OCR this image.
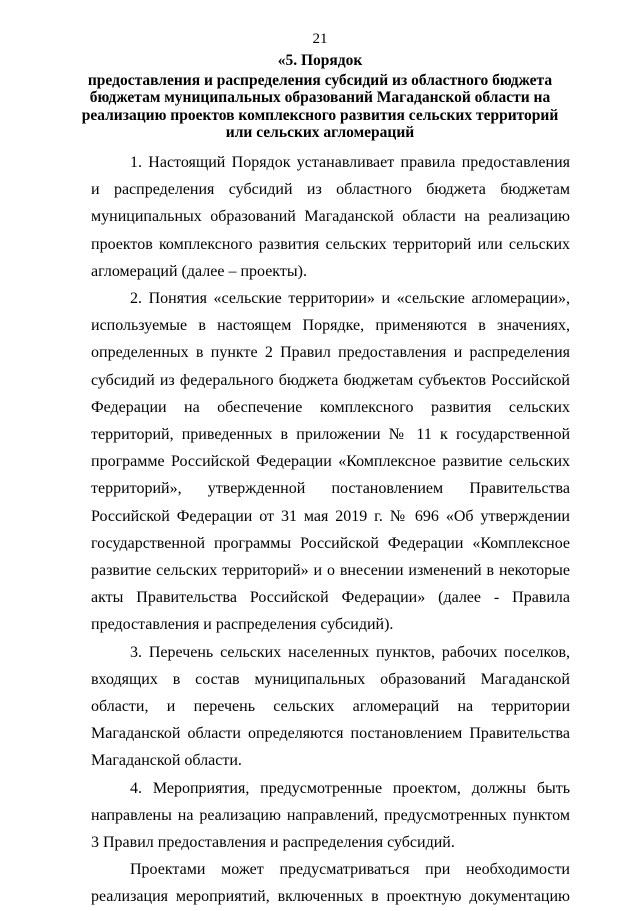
21
«5. Порядок
предоставления и распределения субсидий из областного бюджета
бюджетам муниципальных образований Магаданской области на
реализацию проектов комплексного развития сельских территорий
или сельских агломераций

1. Настоящий Порядок устанавливает правила предоставления и распределения субсидий из областного бюджета бюджетам муниципальных образований Магаданской области на реализацию проектов комплексного развития сельских территорий или сельских агломераций (далее – проекты).

2. Понятия «сельские территории» и «сельские агломерации», используемые в настоящем Порядке, применяются в значениях, определенных в пункте 2 Правил предоставления и распределения субсидий из федерального бюджета бюджетам субъектов Российской Федерации на обеспечение комплексного развития сельских территорий, приведенных в приложении № 11 к государственной программе Российской Федерации «Комплексное развитие сельских территорий», утвержденной постановлением Правительства Российской Федерации от 31 мая 2019 г. № 696 «Об утверждении государственной программы Российской Федерации «Комплексное развитие сельских территорий» и о внесении изменений в некоторые акты Правительства Российской Федерации» (далее - Правила предоставления и распределения субсидий).

3. Перечень сельских населенных пунктов, рабочих поселков, входящих в состав муниципальных образований Магаданской области, и перечень сельских агломераций на территории Магаданской области определяются постановлением Правительства Магаданской области.

4. Мероприятия, предусмотренные проектом, должны быть направлены на реализацию направлений, предусмотренных пунктом 3 Правил предоставления и распределения субсидий.

Проектами может предусматриваться при необходимости реализация мероприятий, включенных в проектную документацию
